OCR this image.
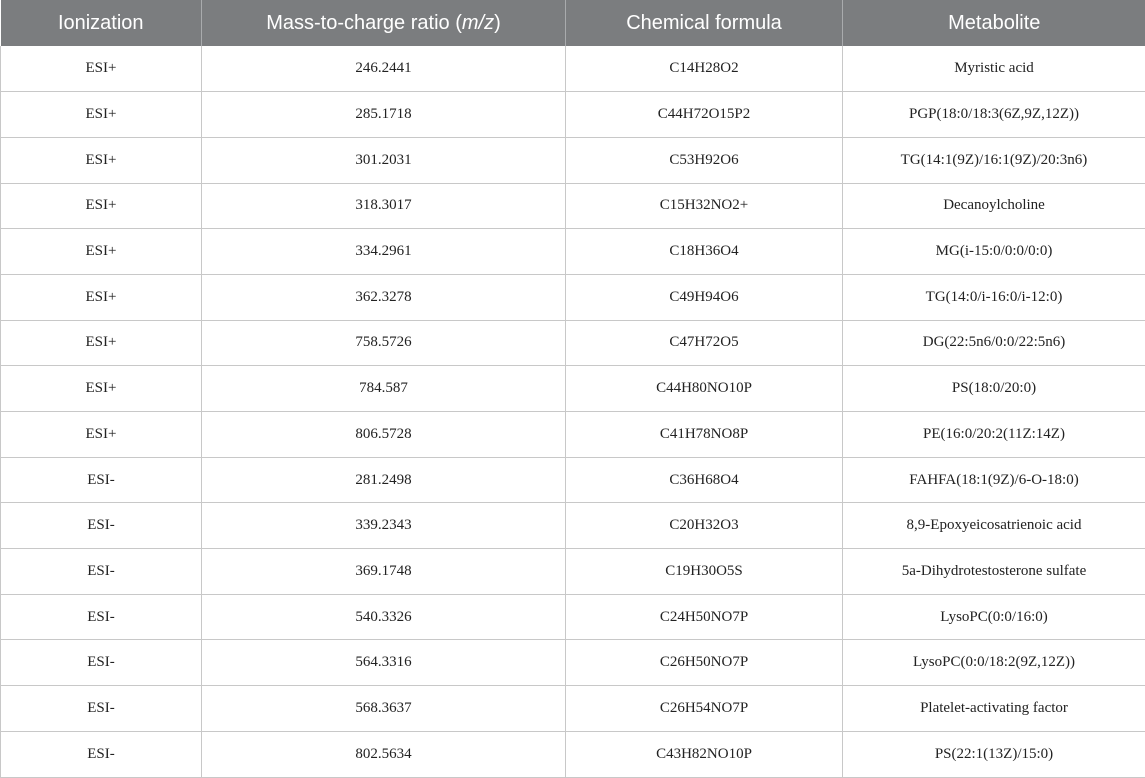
Ionization	Mass-to-charge ratio (m/z)	Chemical formula	Metabolite
ESI+	246.2441	C14H28O2	Myristic acid
ESI+	285.1718	C44H72O15P2	PGP(18:0/18:3(6Z,9Z,12Z))
ESI+	301.2031	C53H92O6	TG(14:1(9Z)/16:1(9Z)/20:3n6)
ESI+	318.3017	C15H32NO2+	Decanoylcholine
ESI+	334.2961	C18H36O4	MG(i-15:0/0:0/0:0)
ESI+	362.3278	C49H94O6	TG(14:0/i-16:0/i-12:0)
ESI+	758.5726	C47H72O5	DG(22:5n6/0:0/22:5n6)
ESI+	784.587	C44H80NO10P	PS(18:0/20:0)
ESI+	806.5728	C41H78NO8P	PE(16:0/20:2(11Z:14Z)
ESI-	281.2498	C36H68O4	FAHFA(18:1(9Z)/6-O-18:0)
ESI-	339.2343	C20H32O3	8,9-Epoxyeicosatrienoic acid
ESI-	369.1748	C19H30O5S	5a-Dihydrotestosterone sulfate
ESI-	540.3326	C24H50NO7P	LysoPC(0:0/16:0)
ESI-	564.3316	C26H50NO7P	LysoPC(0:0/18:2(9Z,12Z))
ESI-	568.3637	C26H54NO7P	Platelet-activating factor
ESI-	802.5634	C43H82NO10P	PS(22:1(13Z)/15:0)
